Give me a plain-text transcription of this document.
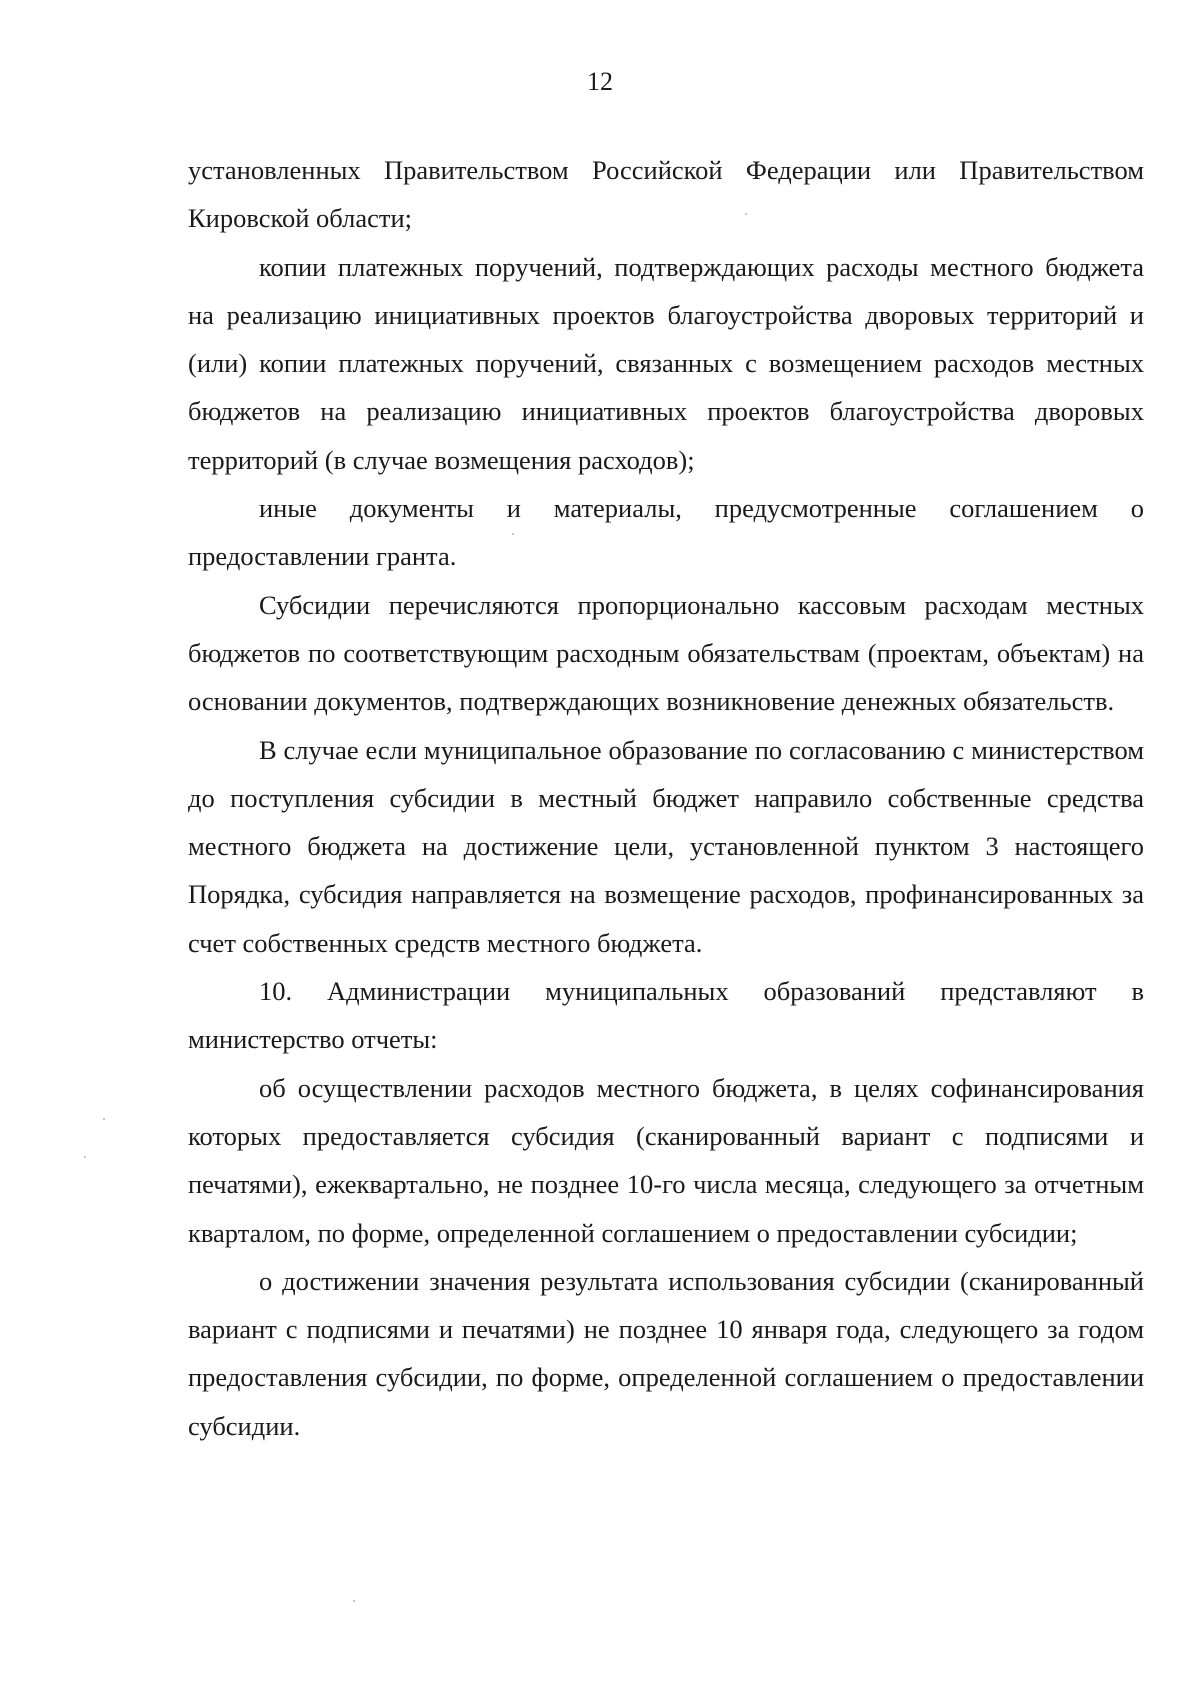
12

установленных Правительством Российской Федерации или Правительством Кировской области;

копии платежных поручений, подтверждающих расходы местного бюджета на реализацию инициативных проектов благоустройства дворовых территорий и (или) копии платежных поручений, связанных с возмещением расходов местных бюджетов на реализацию инициативных проектов благоустройства дворовых территорий (в случае возмещения расходов);

иные документы и материалы, предусмотренные соглашением о предоставлении гранта.

Субсидии перечисляются пропорционально кассовым расходам местных бюджетов по соответствующим расходным обязательствам (проектам, объектам) на основании документов, подтверждающих возникновение денежных обязательств.

В случае если муниципальное образование по согласованию с министерством до поступления субсидии в местный бюджет направило собственные средства местного бюджета на достижение цели, установленной пунктом 3 настоящего Порядка, субсидия направляется на возмещение расходов, профинансированных за счет собственных средств местного бюджета.

10. Администрации муниципальных образований представляют в министерство отчеты:

об осуществлении расходов местного бюджета, в целях софинансирования которых предоставляется субсидия (сканированный вариант с подписями и печатями), ежеквартально, не позднее 10-го числа месяца, следующего за отчетным кварталом, по форме, определенной соглашением о предоставлении субсидии;

о достижении значения результата использования субсидии (сканированный вариант с подписями и печатями) не позднее 10 января года, следующего за годом предоставления субсидии, по форме, определенной соглашением о предоставлении субсидии.
